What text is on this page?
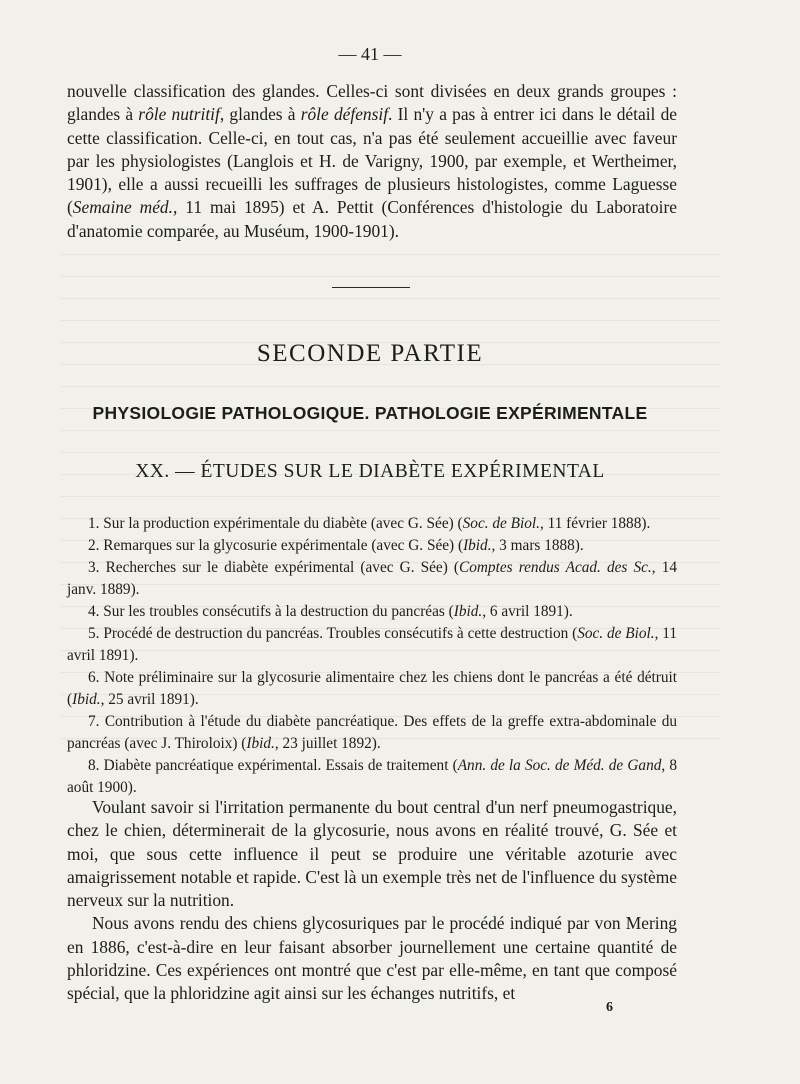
— 41 —

nouvelle classification des glandes. Celles-ci sont divisées en deux grands groupes : glandes à rôle nutritif, glandes à rôle défensif. Il n'y a pas à entrer ici dans le détail de cette classification. Celle-ci, en tout cas, n'a pas été seulement accueillie avec faveur par les physiologistes (Langlois et H. de Varigny, 1900, par exemple, et Wertheimer, 1901), elle a aussi recueilli les suffrages de plusieurs histologistes, comme Laguesse (Semaine méd., 11 mai 1895) et A. Pettit (Conférences d'histologie du Laboratoire d'anatomie comparée, au Muséum, 1900-1901).

SECONDE PARTIE
PHYSIOLOGIE PATHOLOGIQUE. PATHOLOGIE EXPÉRIMENTALE
XX. — ÉTUDES SUR LE DIABÈTE EXPÉRIMENTAL

1. Sur la production expérimentale du diabète (avec G. Sée) (Soc. de Biol., 11 février 1888).

2. Remarques sur la glycosurie expérimentale (avec G. Sée) (Ibid., 3 mars 1888).

3. Recherches sur le diabète expérimental (avec G. Sée) (Comptes rendus Acad. des Sc., 14 janv. 1889).

4. Sur les troubles consécutifs à la destruction du pancréas (Ibid., 6 avril 1891).

5. Procédé de destruction du pancréas. Troubles consécutifs à cette destruction (Soc. de Biol., 11 avril 1891).

6. Note préliminaire sur la glycosurie alimentaire chez les chiens dont le pancréas a été détruit (Ibid., 25 avril 1891).

7. Contribution à l'étude du diabète pancréatique. Des effets de la greffe extra-abdominale du pancréas (avec J. Thiroloix) (Ibid., 23 juillet 1892).

8. Diabète pancréatique expérimental. Essais de traitement (Ann. de la Soc. de Méd. de Gand, 8 août 1900).

Voulant savoir si l'irritation permanente du bout central d'un nerf pneumogastrique, chez le chien, déterminerait de la glycosurie, nous avons en réalité trouvé, G. Sée et moi, que sous cette influence il peut se produire une véritable azoturie avec amaigrissement notable et rapide. C'est là un exemple très net de l'influence du système nerveux sur la nutrition.

Nous avons rendu des chiens glycosuriques par le procédé indiqué par von Mering en 1886, c'est-à-dire en leur faisant absorber journellement une certaine quantité de phloridzine. Ces expériences ont montré que c'est par elle-même, en tant que composé spécial, que la phloridzine agit ainsi sur les échanges nutritifs, et

6
